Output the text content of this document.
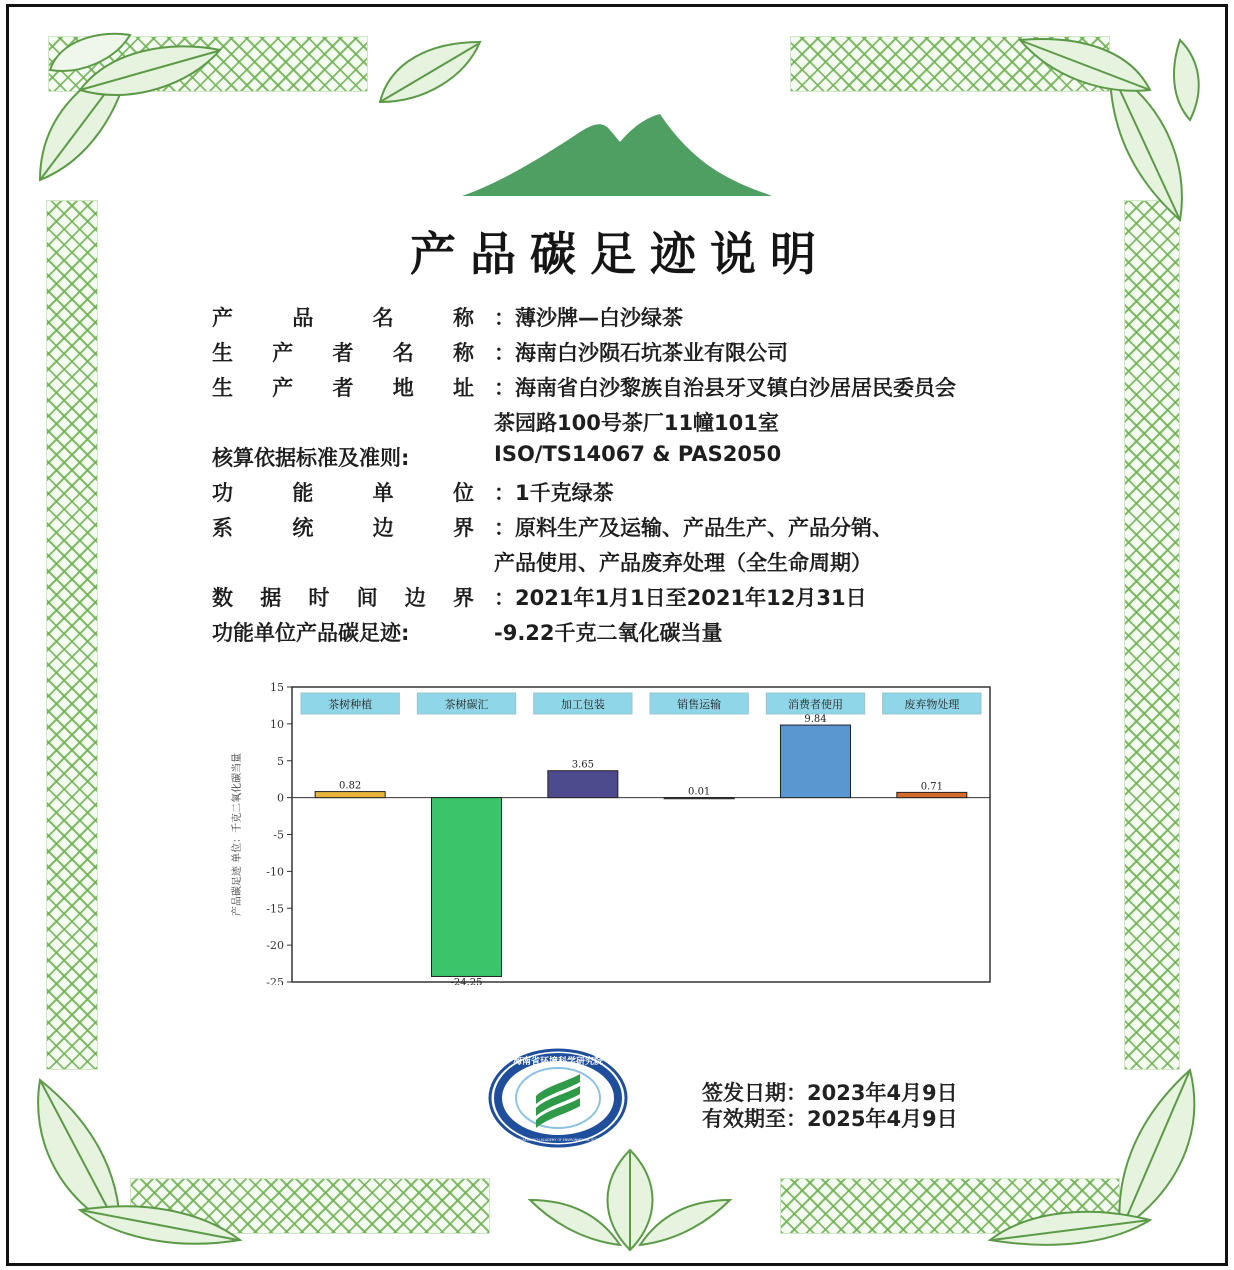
产品碳足迹说明
产品名称 ：薄沙牌—白沙绿茶
生产者名称 ：海南白沙陨石坑茶业有限公司
生产者地址 ：海南省白沙黎族自治县牙叉镇白沙居居民委员会
茶园路100号茶厂11幢101室
核算依据标准及准则:	ISO/TS14067 & PAS2050
功能单位 ：1千克绿茶
系统边界 ：原料生产及运输、产品生产、产品分销、
产品使用、产品废弃处理（全生命周期）
数据时间边界 ：2021年1月1日至2021年12月31日
功能单位产品碳足迹:	-9.22千克二氧化碳当量
15
10
5
0
-5
-10
-15
-20
-25
产品碳足迹 单位：千克二氧化碳当量	0.82
茶树种植
-24.25
茶树碳汇
3.65
加工包装
0.01
销售运输
9.84
消费者使用
0.71
废弃物处理
海南省环境科学研究院
HAINAN RESEARCH ACADEMY OF ENVIRONMENTAL SCIENCES
签发日期：2023年4月9日
有效期至：2025年4月9日
